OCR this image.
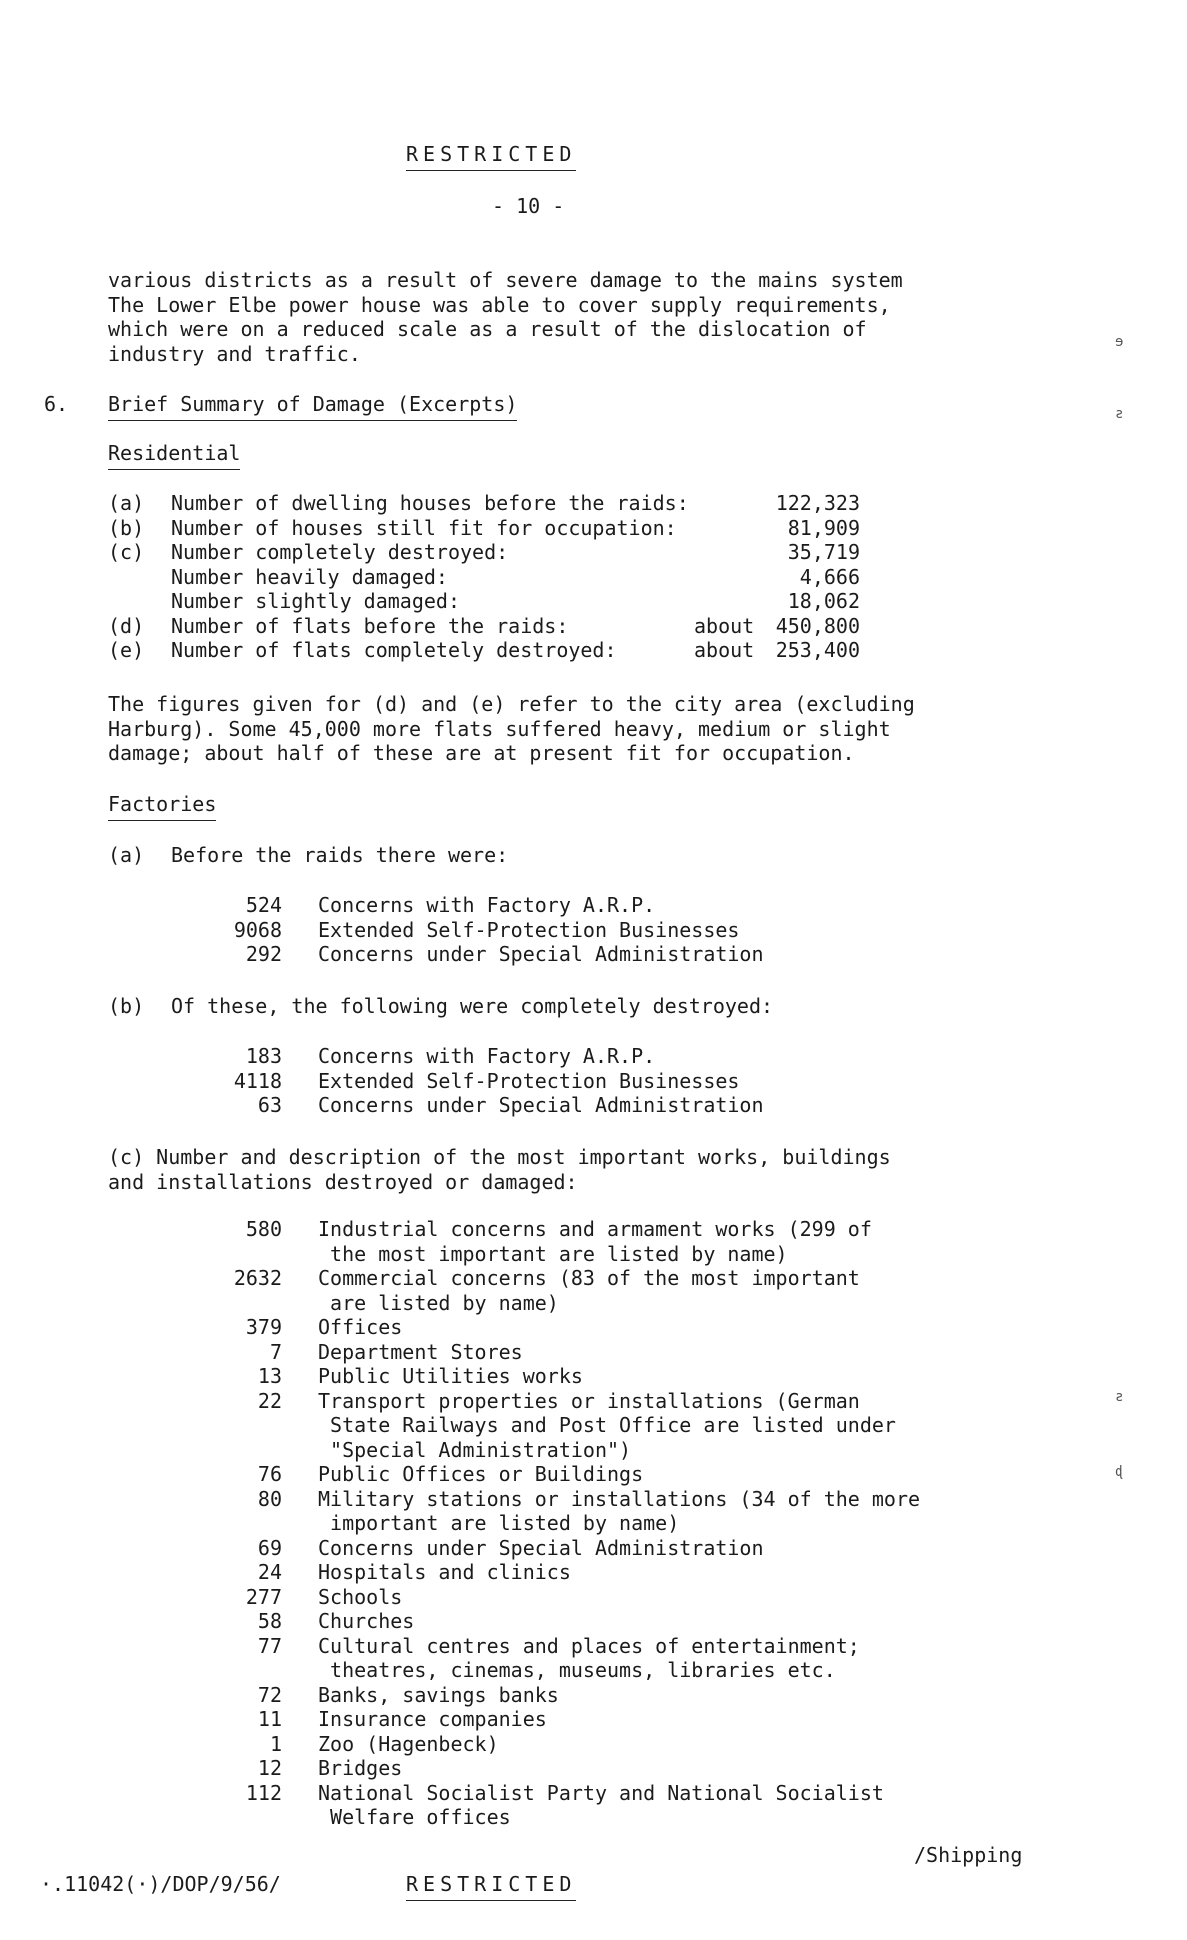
RESTRICTED
- 10 -
various districts as a result of severe damage to the mains system
The Lower Elbe power house was able to cover supply requirements,
which were on a reduced scale as a result of the dislocation of
industry and traffic.
6. Brief Summary of Damage (Excerpts)
Residential
(a) Number of dwelling houses before the raids:	122,323
(b) Number of houses still fit for occupation:	81,909
(c) Number completely destroyed:	35,719
Number heavily damaged:	4,666
Number slightly damaged:	18,062
(d) Number of flats before the raids:	about	450,800
(e) Number of flats completely destroyed:	about	253,400
The figures given for (d) and (e) refer to the city area (excluding
Harburg). Some 45,000 more flats suffered heavy, medium or slight
damage; about half of these are at present fit for occupation.
Factories
(a) Before the raids there were:
524 Concerns with Factory A.R.P.
9068 Extended Self-Protection Businesses
292 Concerns under Special Administration
(b) Of these, the following were completely destroyed:
183 Concerns with Factory A.R.P.
4118 Extended Self-Protection Businesses
63 Concerns under Special Administration
(c) Number and description of the most important works, buildings
and installations destroyed or damaged:
580 Industrial concerns and armament works (299 of
the most important are listed by name)
2632 Commercial concerns (83 of the most important
are listed by name)
379 Offices
7 Department Stores
13 Public Utilities works
22 Transport properties or installations (German
State Railways and Post Office are listed under
"Special Administration")
76 Public Offices or Buildings
80 Military stations or installations (34 of the more
important are listed by name)
69 Concerns under Special Administration
24 Hospitals and clinics
277 Schools
58 Churches
77 Cultural centres and places of entertainment;
theatres, cinemas, museums, libraries etc.
72 Banks, savings banks
11 Insurance companies
1 Zoo (Hagenbeck)
12 Bridges
112 National Socialist Party and National Socialist
Welfare offices
/Shipping
·.11042(·)/DOP/9/56/	RESTRICTED
ɘ
ƨ
ƨ
ɖ
